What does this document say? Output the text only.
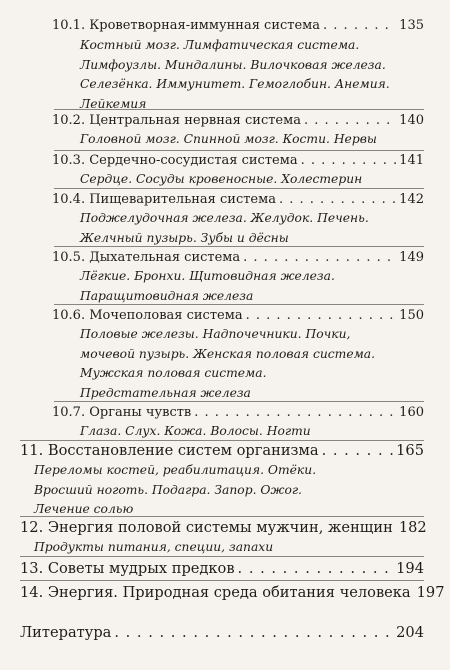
10.1. Кроветворная-иммунная система . . .	135
Костный мозг. Лимфатическая система.
Лимфоузлы. Миндалины. Вилочковая железа.
Селезёнка. Иммунитет. Гемоглобин. Анемия.
Лейкемия
10.2. Центральная нервная система . . .	140
Головной мозг. Спинной мозг. Кости. Нервы
10.3. Сердечно-сосудистая система . . .	141
Сердце. Сосуды кровеносные. Холестерин
10.4. Пищеварительная система . . .	142
Поджелудочная железа. Желудок. Печень.
Желчный пузырь. Зубы и дёсны
10.5. Дыхательная система . . .	149
Лёгкие. Бронхи. Щитовидная железа.
Паращитовидная железа
10.6. Мочеполовая система . . .	150
Половые железы. Надпочечники. Почки,
мочевой пузырь. Женская половая система.
Мужская половая система.
Предстательная железа
10.7. Органы чувств . . .	160
Глаза. Слух. Кожа. Волосы. Ногти
11. Восстановление систем организма . . .	165
Переломы костей, реабилитация. Отёки.
Вросший ноготь. Подагра. Запор. Ожог.
Лечение солью
12. Энергия половой системы мужчин, женщин 182
Продукты питания, специи, запахи
13. Советы мудрых предков . . .	194
14. Энергия. Природная среда обитания человека 197
Литература . . .	204
